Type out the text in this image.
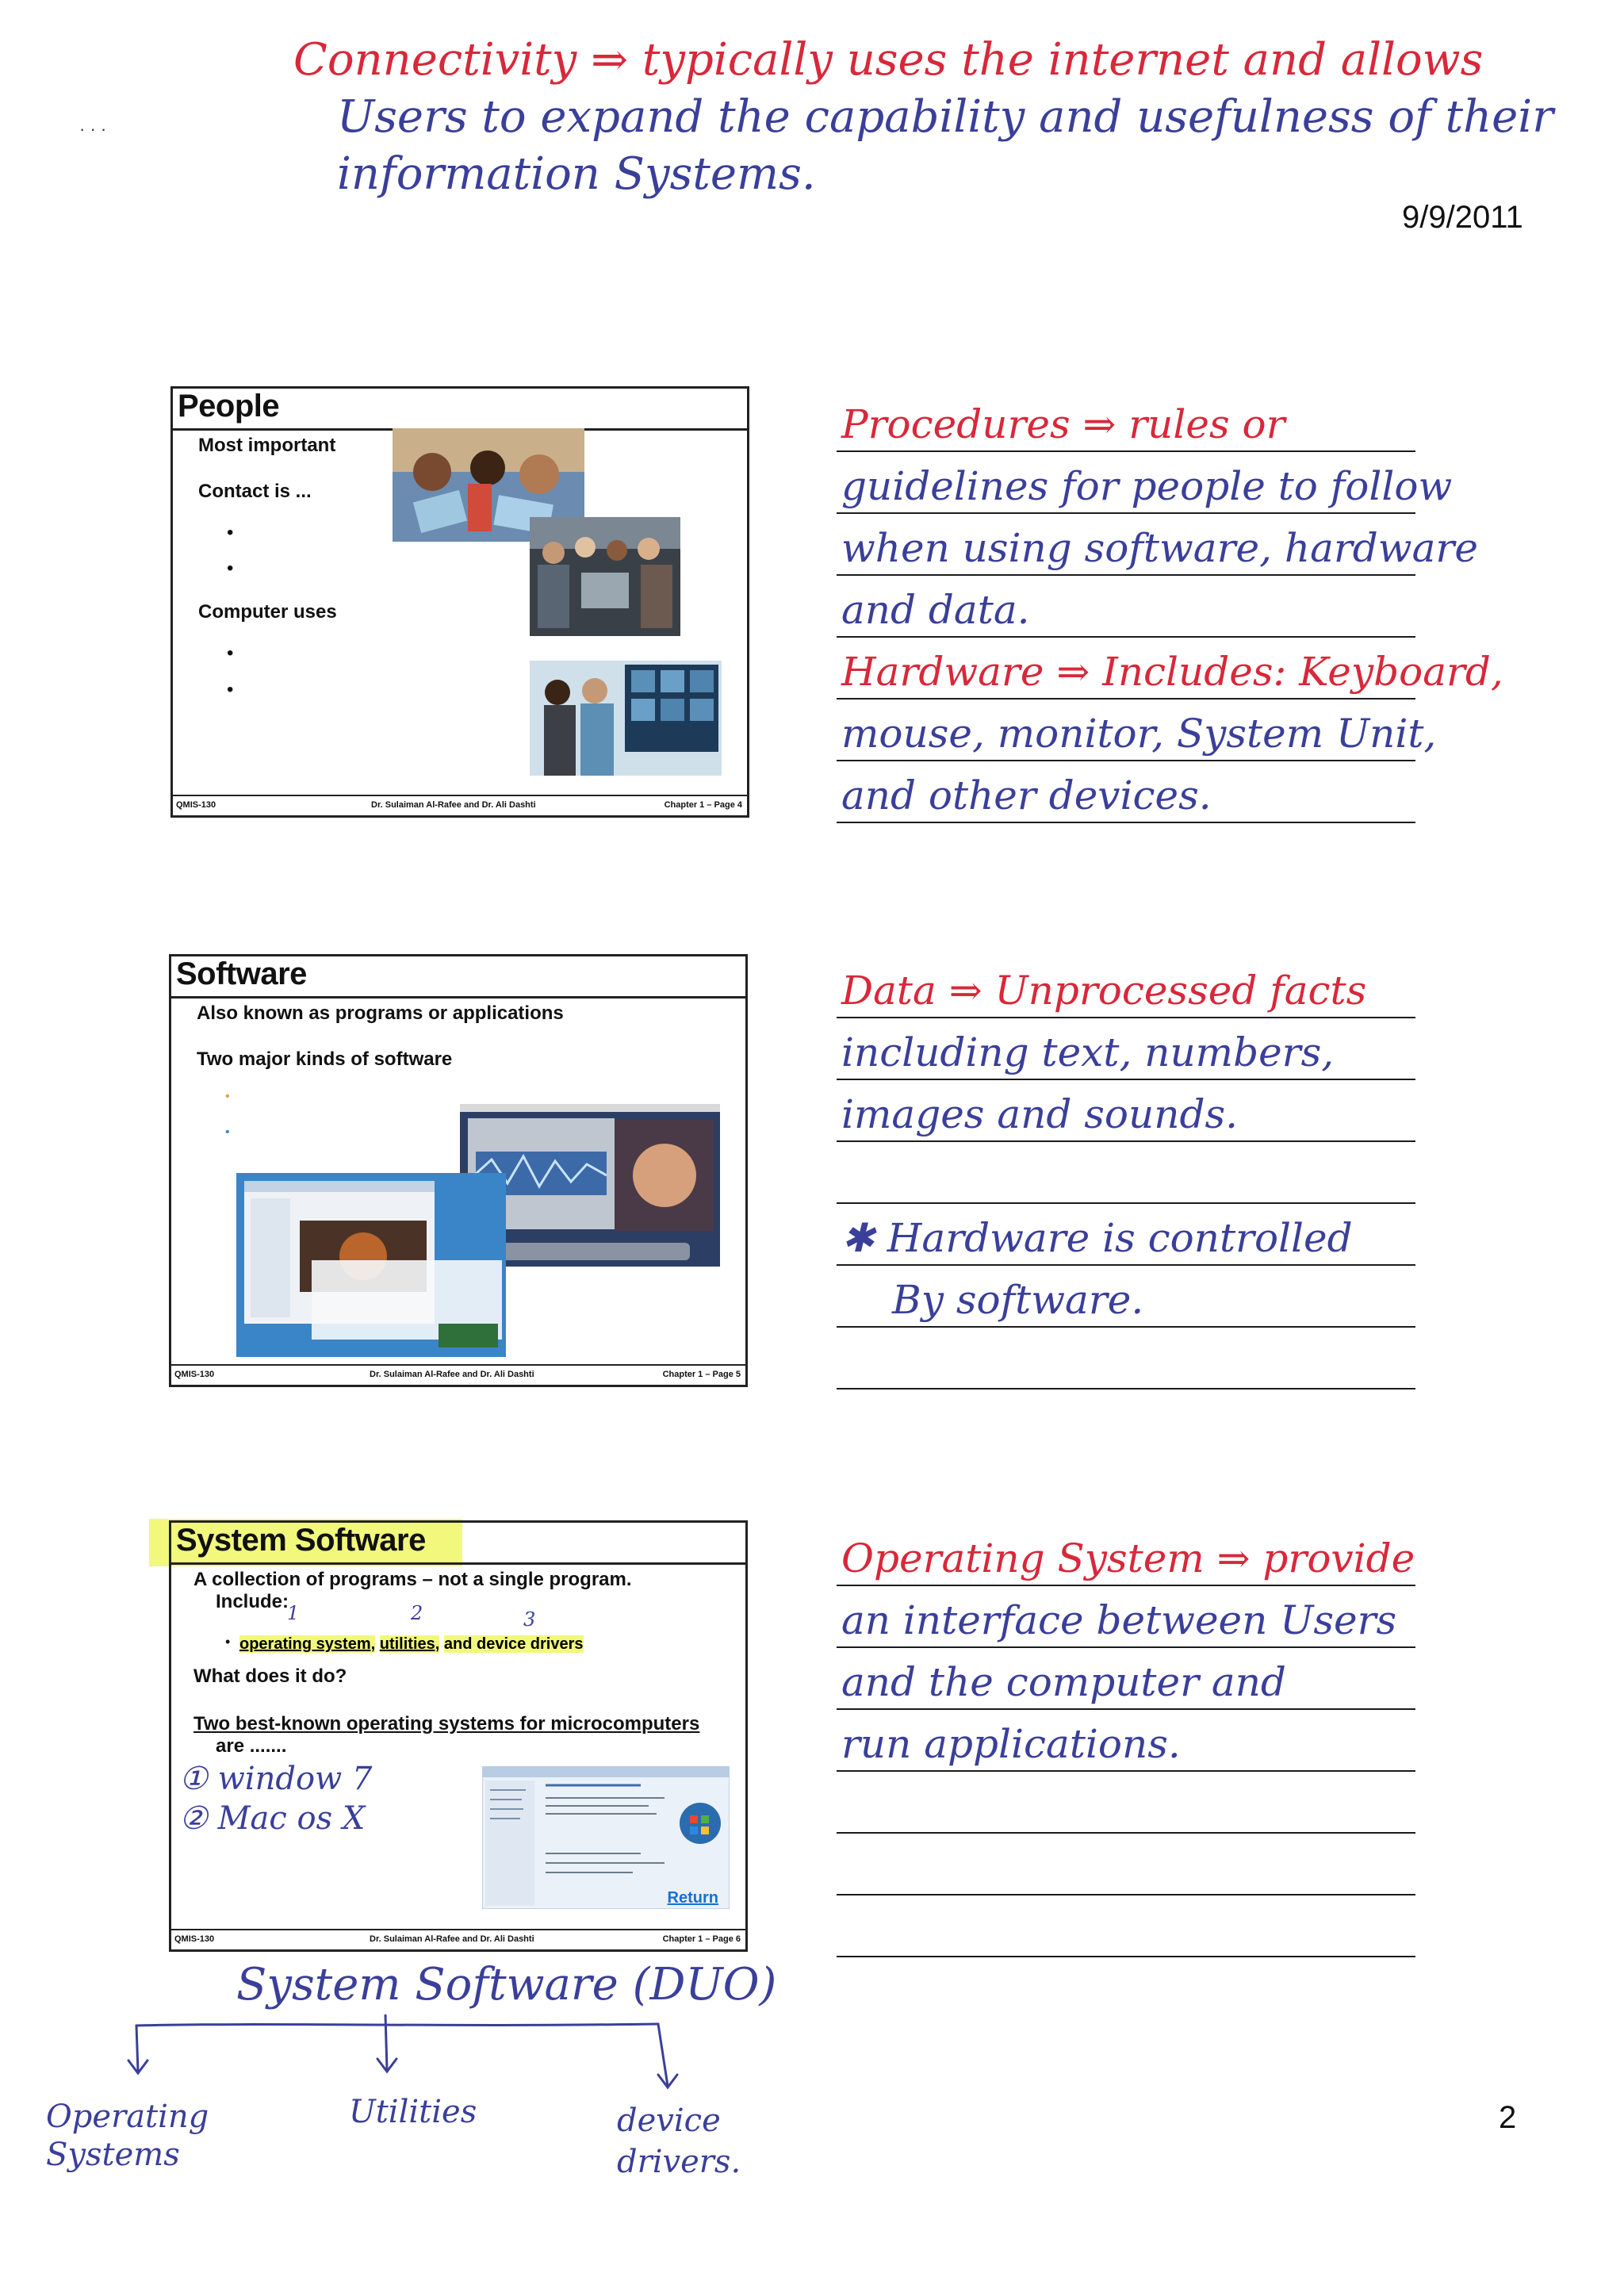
· · ·
Connectivity ⇒ typically uses the internet and allows
Users to expand the capability and usefulness of their
information Systems.
9/9/2011
People
Most important
Contact is ...
•
•
Computer uses
•
•
QMIS-130	Dr. Sulaiman Al-Rafee and Dr. Ali Dashti	Chapter 1 – Page 4
Software
Also known as programs or applications
Two major kinds of software
•
•
QMIS-130	Dr. Sulaiman Al-Rafee and Dr. Ali Dashti	Chapter 1 – Page 5
System Software
A collection of programs – not a single program.
Include:
1	2	3
• operating system, utilities, and device drivers
What does it do?
Two best-known operating systems for microcomputers
are .......
① window 7
② Mac os X
Return
QMIS-130	Dr. Sulaiman Al-Rafee and Dr. Ali Dashti	Chapter 1 – Page 6
Procedures ⇒ rules or
guidelines for people to follow
when using software, hardware
and data.
Hardware ⇒ Includes: Keyboard,
mouse, monitor, System Unit,
and other devices.
Data ⇒ Unprocessed facts
including text, numbers,
images and sounds.
✱ Hardware is controlled
By software.
Operating System ⇒ provide
an interface between Users
and the computer and
run applications.
System Software (DUO)
Operating Systems
Utilities	device drivers.
2
